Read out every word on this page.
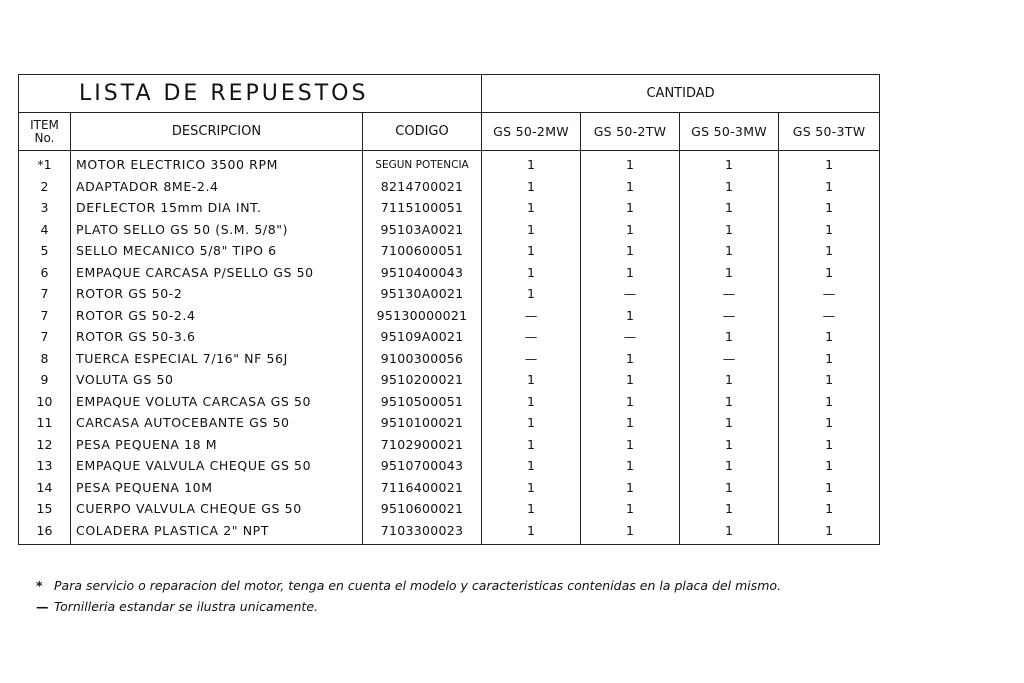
LISTA DE REPUESTOS			CANTIDAD			

ITEM
No.	DESCRIPCION	CODIGO	GS 50-2MW	GS 50-2TW	GS 50-3MW	GS 50-3TW
*1	MOTOR ELECTRICO 3500 RPM	SEGUN POTENCIA	1	1	1	1
2	ADAPTADOR 8ME-2.4	8214700021	1	1	1	1
3	DEFLECTOR 15mm DIA INT.	7115100051	1	1	1	1
4	PLATO SELLO GS 50 (S.M. 5/8")	95103A0021	1	1	1	1
5	SELLO MECANICO 5/8" TIPO 6	7100600051	1	1	1	1
6	EMPAQUE CARCASA P/SELLO GS 50	9510400043	1	1	1	1
7	ROTOR GS 50-2	95130A0021	1	—	—	—
7	ROTOR GS 50-2.4	95130000021	—	1	—	—
7	ROTOR GS 50-3.6	95109A0021	—	—	1	1
8	TUERCA ESPECIAL 7/16" NF 56J	9100300056	—	1	—	1
9	VOLUTA GS 50	9510200021	1	1	1	1
10	EMPAQUE VOLUTA CARCASA GS 50	9510500051	1	1	1	1
11	CARCASA AUTOCEBANTE GS 50	9510100021	1	1	1	1
12	PESA PEQUENA 18 M	7102900021	1	1	1	1
13	EMPAQUE VALVULA CHEQUE GS 50	9510700043	1	1	1	1
14	PESA PEQUENA 10M	7116400021	1	1	1	1
15	CUERPO VALVULA CHEQUE GS 50	9510600021	1	1	1	1
16	COLADERA PLASTICA 2" NPT	7103300023	1	1	1	1
* Para servicio o reparacion del motor, tenga en cuenta el modelo y caracteristicas contenidas en la placa del mismo.
— Tornilleria estandar se ilustra unicamente.
